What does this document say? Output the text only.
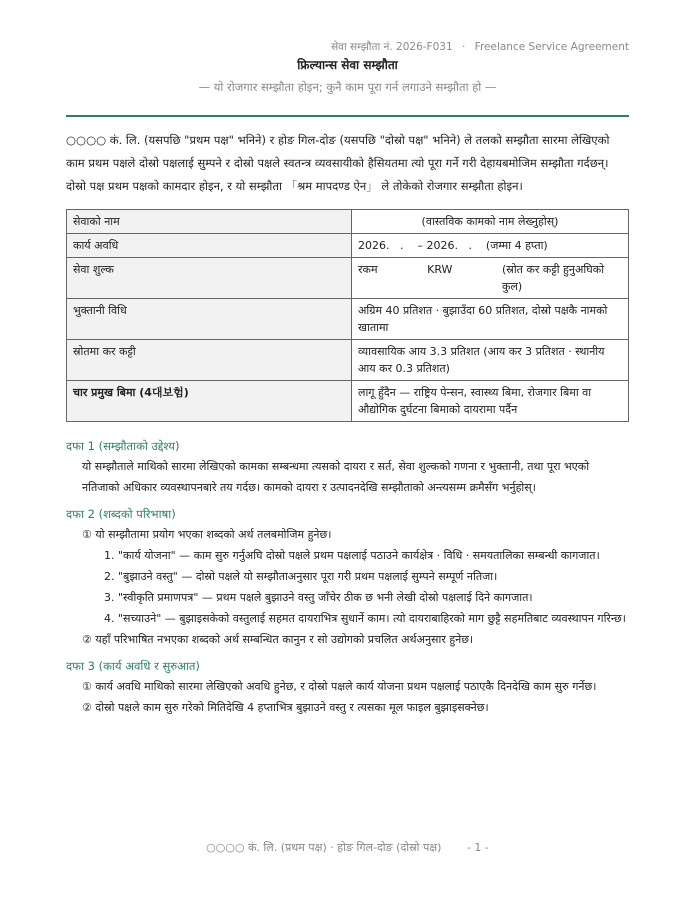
सेवा सम्झौता नं. 2026-F031 · Freelance Service Agreement
फ्रिल्यान्स सेवा सम्झौता
— यो रोजगार सम्झौता होइन; कुनै काम पूरा गर्न लगाउने सम्झौता हो —
○○○○ कं. लि. (यसपछि "प्रथम पक्ष" भनिने) र होङ गिल-दोङ (यसपछि "दोस्रो पक्ष" भनिने) ले तलको सम्झौता सारमा लेखिएको काम प्रथम पक्षले दोस्रो पक्षलाई सुम्पने र दोस्रो पक्षले स्वतन्त्र व्यवसायीको हैसियतमा त्यो पूरा गर्ने गरी देहायबमोजिम सम्झौता गर्दछन्। दोस्रो पक्ष प्रथम पक्षको कामदार होइन, र यो सम्झौता 「श्रम मापदण्ड ऐन」 ले तोकेको रोजगार सम्झौता होइन।
सेवाको नाम	(वास्तविक कामको नाम लेख्नुहोस्)
कार्य अवधि	2026.   .    – 2026.   .    (जम्मा 4 हप्ता)
सेवा शुल्क	रकम KRW (स्रोत कर कट्टी हुनुअघिको कुल)

भुक्तानी विधि	अग्रिम 40 प्रतिशत · बुझाउँदा 60 प्रतिशत, दोस्रो पक्षकै नामको खातामा
स्रोतमा कर कट्टी	व्यावसायिक आय 3.3 प्रतिशत (आय कर 3 प्रतिशत · स्थानीय आय कर 0.3 प्रतिशत)
चार प्रमुख बिमा (4대보험)	लागू हुँदैन — राष्ट्रिय पेन्सन, स्वास्थ्य बिमा, रोजगार बिमा वा औद्योगिक दुर्घटना बिमाको दायरामा पर्दैन
दफा 1 (सम्झौताको उद्देश्य)
यो सम्झौताले माथिको सारमा लेखिएको कामका सम्बन्धमा त्यसको दायरा र सर्त, सेवा शुल्कको गणना र भुक्तानी, तथा पूरा भएको नतिजाको अधिकार व्यवस्थापनबारे तय गर्दछ। कामको दायरा र उत्पादनदेखि सम्झौताको अन्त्यसम्म क्रमैसँग भर्नुहोस्।
दफा 2 (शब्दको परिभाषा)
① यो सम्झौतामा प्रयोग भएका शब्दको अर्थ तलबमोजिम हुनेछ।
1. "कार्य योजना" — काम सुरु गर्नुअघि दोस्रो पक्षले प्रथम पक्षलाई पठाउने कार्यक्षेत्र · विधि · समयतालिका सम्बन्धी कागजात।
2. "बुझाउने वस्तु" — दोस्रो पक्षले यो सम्झौताअनुसार पूरा गरी प्रथम पक्षलाई सुम्पने सम्पूर्ण नतिजा।
3. "स्वीकृति प्रमाणपत्र" — प्रथम पक्षले बुझाउने वस्तु जाँचेर ठीक छ भनी लेखी दोस्रो पक्षलाई दिने कागजात।
4. "सच्याउने" — बुझाइसकेको वस्तुलाई सहमत दायराभित्र सुधार्ने काम। त्यो दायराबाहिरको माग छुट्टै सहमतिबाट व्यवस्थापन गरिन्छ।
② यहाँ परिभाषित नभएका शब्दको अर्थ सम्बन्धित कानुन र सो उद्योगको प्रचलित अर्थअनुसार हुनेछ।
दफा 3 (कार्य अवधि र सुरुआत)
① कार्य अवधि माथिको सारमा लेखिएको अवधि हुनेछ, र दोस्रो पक्षले कार्य योजना प्रथम पक्षलाई पठाएकै दिनदेखि काम सुरु गर्नेछ।
② दोस्रो पक्षले काम सुरु गरेको मितिदेखि 4 हप्ताभित्र बुझाउने वस्तु र त्यसका मूल फाइल बुझाइसक्नेछ।
○○○○ कं. लि. (प्रथम पक्ष) · होङ गिल-दोङ (दोस्रो पक्ष) - 1 -
